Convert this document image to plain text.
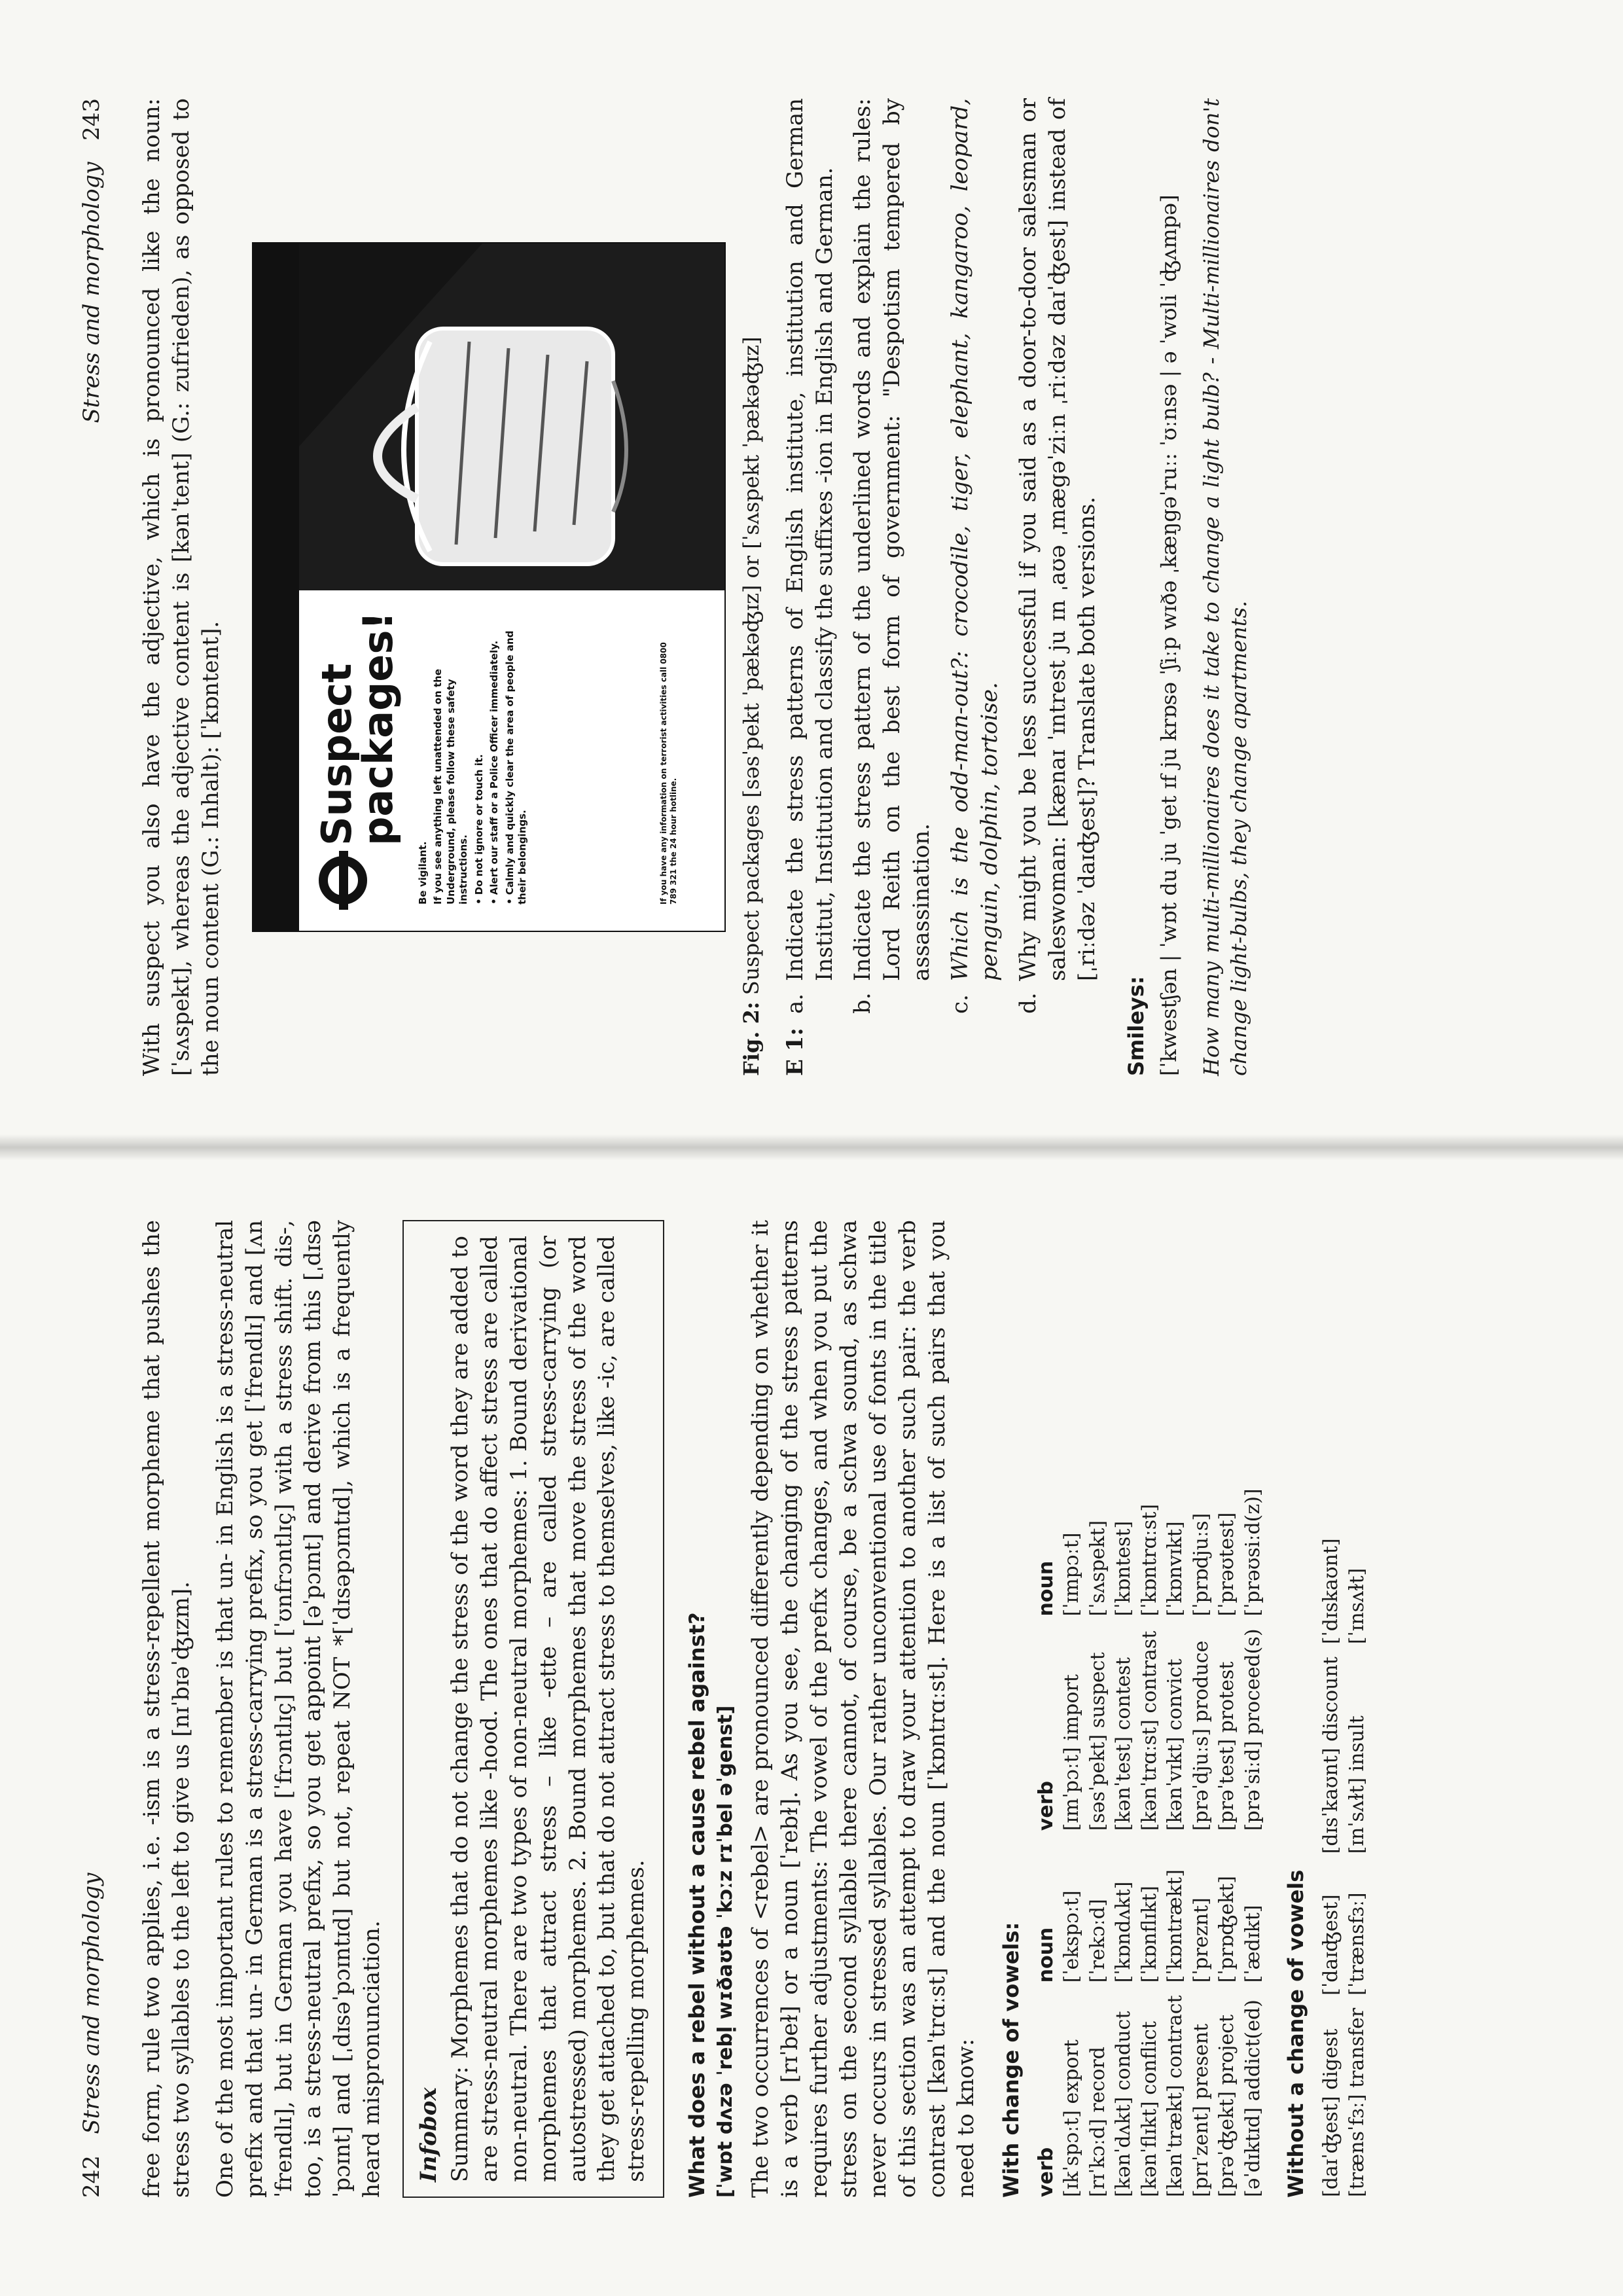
242   Stress and morphology free form, rule two applies, i.e. -ism is a stress-repellent morpheme that pushes the stress two syllables to the left to give us [nɪˈbɪəˈʤɪzm]. One of the most important rules to remember is that un- in English is a stress-neutral prefix and that un- in German is a stress-carrying prefix, so you get [ˈfrendlɪ] and [ʌnˈfrendlɪ], but in German you have [ˈfrɔntlɪç] but [ˈʊnfrɔntlɪç] with a stress shift. dis-, too, is a stress-neutral prefix, so you get appoint [əˈpɔɪnt] and derive from this [ˌdɪsəˈpɔɪnt] and [ˌdɪsəˈpɔɪntɪd] but not, repeat NOT *[ˈdɪsəpɔɪntɪd], which is a frequently heard mispronunciation. Infobox Summary: Morphemes that do not change the stress of the word they are added to are stress-neutral morphemes like -hood. The ones that do affect stress are called non-neutral. There are two types of non-neutral morphemes: 1. Bound derivational morphemes that attract stress – like -ette – are called stress-carrying (or autostressed) morphemes. 2. Bound morphemes that move the stress of the word they get attached to, but that do not attract stress to themselves, like -ic, are called stress-repelling morphemes. What does a rebel without a cause rebel against? [ˈwɒt dʌzə ˈrebḷ wɪðaʊtə ˈkɔːz rɪˈbel əˈgenst] The two occurrences of <rebel> are pronounced differently depending on whether it is a verb [rɪˈbeɫ] or a noun [ˈrebɫ]. As you see, the changing of the stress patterns requires further adjustments: The vowel of the prefix changes, and when you put the stress on the second syllable there cannot, of course, be a schwa sound, as schwa never occurs in stressed syllables. Our rather unconventional use of fonts in the title of this section was an attempt to draw your attention to another such pair: the verb contrast [kənˈtrɑːst] and the noun [ˈkɒntrɑːst]. Here is a list of such pairs that you need to know: With change of vowels: verb	noun
[ɪkˈspɔːt] export	[ˈekspɔːt]
[rɪˈkɔːd] record	[ˈrekɔːd]
[kənˈdʌkt] conduct	[ˈkɒndʌkt]
[kənˈflɪkt] conflict	[ˈkɒnflɪkt]
[kənˈtrækt] contract	[ˈkɒntrækt]
[prɪˈzent] present	[ˈpreznt]
[prəˈʤekt] project	[ˈprɒʤekt]
[əˈdɪktɪd] addict(ed)	[ˈædɪkt]
verb	noun
[ɪmˈpɔːt] import	[ˈɪmpɔːt]
[səsˈpekt] suspect	[ˈsʌspekt]
[kənˈtest] contest	[ˈkɒntest]
[kənˈtrɑːst] contrast	[ˈkɒntrɑːst]
[kənˈvɪkt] convict	[ˈkɒnvɪkt]
[prəˈdjuːs] produce	[ˈprɒdjuːs]
[prəˈtest] protest	[ˈprəʊtest]
[prəˈsiːd] proceed(s)	[ˈprəʊsiːd(z)]
Without a change of vowels [daɪˈʤest] digest	[ˈdaɪʤest]
[trænsˈfɜː] transfer	[ˈtrænsfɜː]
[dɪsˈkaʊnt] discount	[ˈdɪskaʊnt]
[ɪnˈsʌɫt] insult	[ˈɪnsʌɫt]
Stress and morphology   243 With suspect you also have the adjective, which is pronounced like the noun: [ˈsʌspekt], whereas the adjective content is [kənˈtent] (G.: zufrieden), as opposed to the noun content (G.: Inhalt): [ˈkɒntent]. Suspect
packages!
Be vigilant. If you see anything left unattended on the Underground, please follow these safety instructions. • Do not ignore or touch it. • Alert our staff or a Police Officer immediately. • Calmly and quickly clear the area of people and their belongings.	If you have any information on terrorist activities call 0800 789 321 the 24 hour hotline.
Fig. 2: Suspect packages [səsˈpekt ˈpækəʤɪz] or [ˈsʌspekt ˈpækəʤɪz]
E 1:
a.
Indicate the stress patterns of English institute, institution and German Institut, Institution and classify the suffixes -ion in English and German.
b.
Indicate the stress pattern of the underlined words and explain the rules: Lord Reith on the best form of government: "Despotism tempered by assassination.
c.
Which is the odd-man-out?: crocodile, tiger, elephant, kangaroo, leopard, penguin, dolphin, tortoise.
d.
Why might you be less successful if you said as a door-to-door salesman or saleswoman: [kænaɪ ˈɪntrest ju ɪn ˌaʊə ˌmægəˈziːn ˌriːdəz daɪˈʤest] instead of [ˌriːdəz ˈdaɪʤest]? Translate both versions.
Smileys: [ˈkwestʃən | ˈwɒt du ju ˈget ɪf ju krɒsə ˈʃiːp wɪðə ˌkæŋgəˈruː: ˈʊːnsə | ə ˈwʊli ˈʤʌmpə] How many multi-millionaires does it take to change a light bulb? - Multi-millionaires don't change light-bulbs, they change apartments.
